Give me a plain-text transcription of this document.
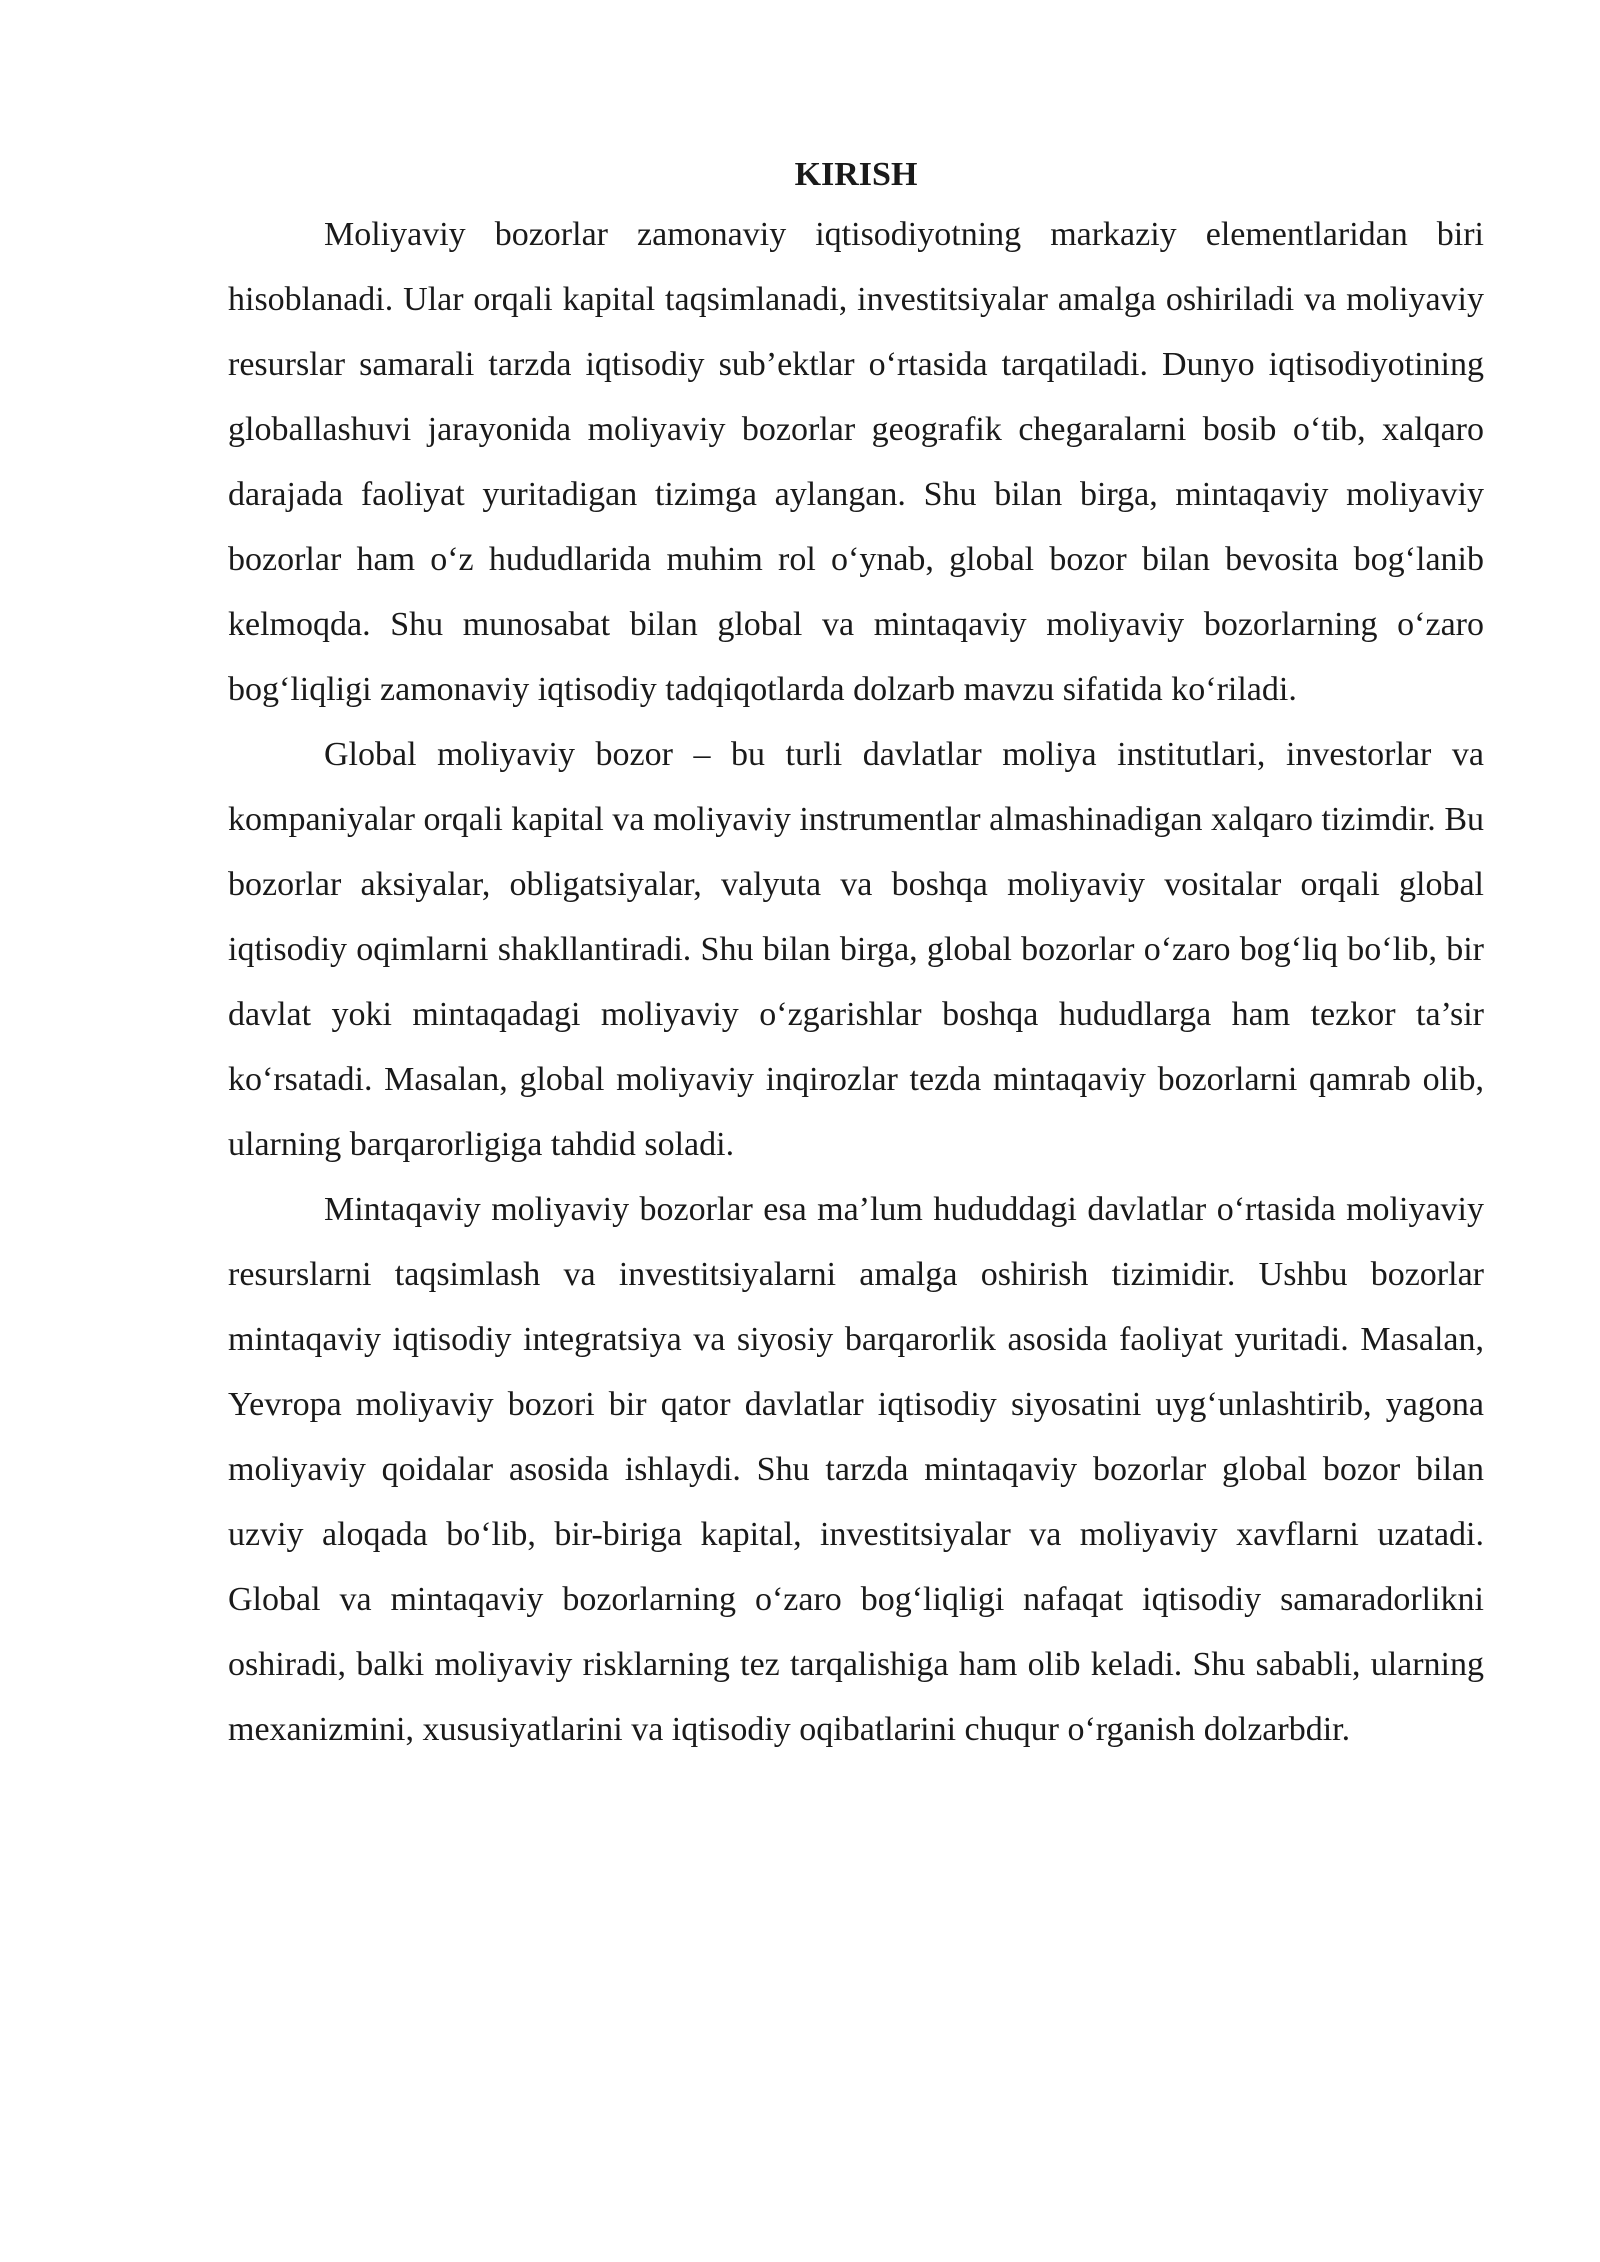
KIRISH

Moliyaviy bozorlar zamonaviy iqtisodiyotning markaziy elementlaridan biri hisoblanadi. Ular orqali kapital taqsimlanadi, investitsiyalar amalga oshiriladi va moliyaviy resurslar samarali tarzda iqtisodiy sub’ektlar o‘rtasida tarqatiladi. Dunyo iqtisodiyotining globallashuvi jarayonida moliyaviy bozorlar geografik chegaralarni bosib o‘tib, xalqaro darajada faoliyat yuritadigan tizimga aylangan. Shu bilan birga, mintaqaviy moliyaviy bozorlar ham o‘z hududlarida muhim rol o‘ynab, global bozor bilan bevosita bog‘lanib kelmoqda. Shu munosabat bilan global va mintaqaviy moliyaviy bozorlarning o‘zaro bog‘liqligi zamonaviy iqtisodiy tadqiqotlarda dolzarb mavzu sifatida ko‘riladi.

Global moliyaviy bozor – bu turli davlatlar moliya institutlari, investorlar va kompaniyalar orqali kapital va moliyaviy instrumentlar almashinadigan xalqaro tizimdir. Bu bozorlar aksiyalar, obligatsiyalar, valyuta va boshqa moliyaviy vositalar orqali global iqtisodiy oqimlarni shakllantiradi. Shu bilan birga, global bozorlar o‘zaro bog‘liq bo‘lib, bir davlat yoki mintaqadagi moliyaviy o‘zgarishlar boshqa hududlarga ham tezkor ta’sir ko‘rsatadi. Masalan, global moliyaviy inqirozlar tezda mintaqaviy bozorlarni qamrab olib, ularning barqarorligiga tahdid soladi.

Mintaqaviy moliyaviy bozorlar esa ma’lum hududdagi davlatlar o‘rtasida moliyaviy resurslarni taqsimlash va investitsiyalarni amalga oshirish tizimidir. Ushbu bozorlar mintaqaviy iqtisodiy integratsiya va siyosiy barqarorlik asosida faoliyat yuritadi. Masalan, Yevropa moliyaviy bozori bir qator davlatlar iqtisodiy siyosatini uyg‘unlashtirib, yagona moliyaviy qoidalar asosida ishlaydi. Shu tarzda mintaqaviy bozorlar global bozor bilan uzviy aloqada bo‘lib, bir-biriga kapital, investitsiyalar va moliyaviy xavflarni uzatadi. Global va mintaqaviy bozorlarning o‘zaro bog‘liqligi nafaqat iqtisodiy samaradorlikni oshiradi, balki moliyaviy risklarning tez tarqalishiga ham olib keladi. Shu sababli, ularning mexanizmini, xususiyatlarini va iqtisodiy oqibatlarini chuqur o‘rganish dolzarbdir.
